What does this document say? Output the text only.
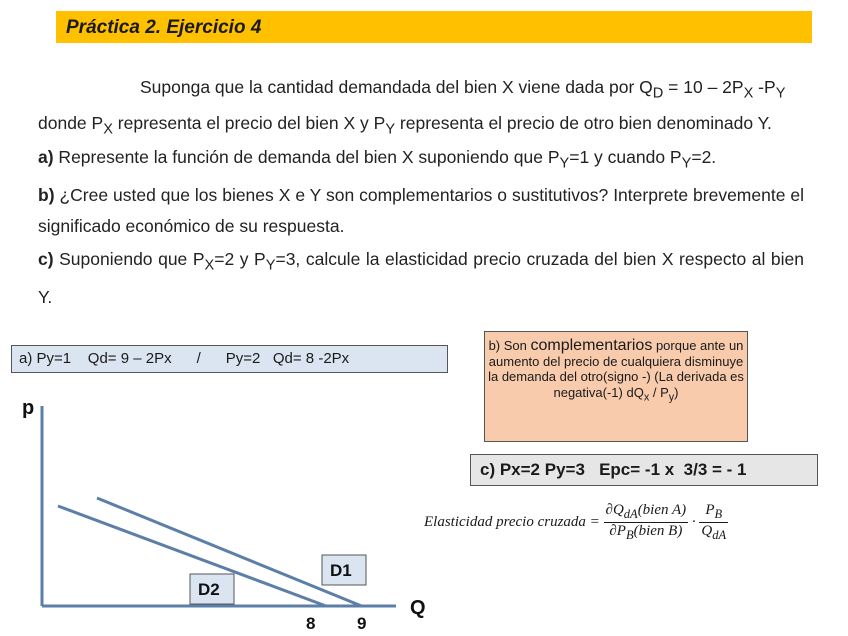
Práctica 2. Ejercicio 4
Suponga que la cantidad demandada del bien X viene dada por $Q_D = 10 - 2P_X$ $-P_Y$
donde $P_X$ representa el precio del bien X y $P_Y$ representa el precio de otro bien denominado Y.
a) Represente la función de demanda del bien X suponiendo que $P_Y=1$ y cuando $P_Y=2$.
b) ¿Cree usted que los bienes X e Y son complementarios o sustitutivos? Interprete brevemente el significado económico de su respuesta.
c) Suponiendo que $P_X=2$ y $P_Y=3$, calcule la elasticidad precio cruzada del bien X respecto al bien Y.
a) Py=1    Qd= 9 – 2Px      /      Py=2   Qd= 8 -2Px
b) Son complementarios porque ante un aumento del precio de cualquiera disminuye la demanda del otro(signo -) (La derivada es negativa(-1) $dQ_x / P_y$)
c) Px=2 Py=3   Epc= -1 x  3/3 = - 1
Elasticidad precio cruzada = $\frac{\partial Q_{dA}(bien A)}{\partial P_B(bien B)} \cdot \frac{P_B}{Q_{dA}}$
p
Q
D2
D1
8 9
